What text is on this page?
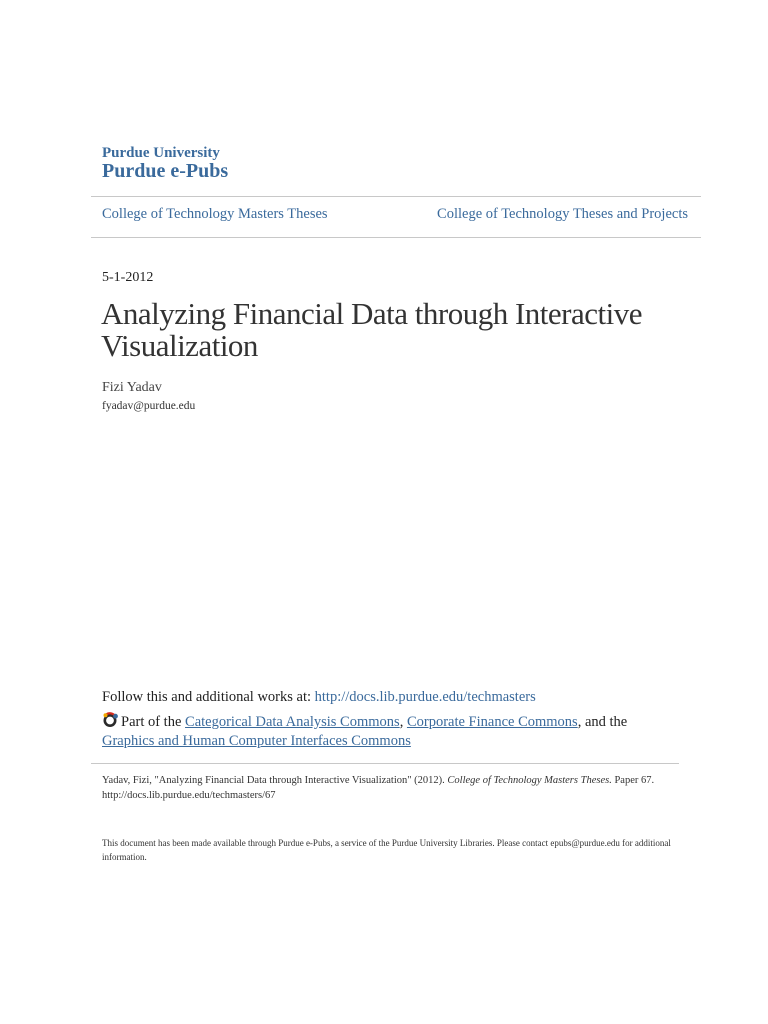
Purdue University
Purdue e-Pubs
College of Technology Masters Theses	College of Technology Theses and Projects
5-1-2012
Analyzing Financial Data through Interactive Visualization
Fizi Yadav
fyadav@purdue.edu
Follow this and additional works at: http://docs.lib.purdue.edu/techmasters
Part of the Categorical Data Analysis Commons, Corporate Finance Commons, and the
Graphics and Human Computer Interfaces Commons
Yadav, Fizi, "Analyzing Financial Data through Interactive Visualization" (2012). College of Technology Masters Theses. Paper 67.
http://docs.lib.purdue.edu/techmasters/67
This document has been made available through Purdue e-Pubs, a service of the Purdue University Libraries. Please contact epubs@purdue.edu for additional information.
